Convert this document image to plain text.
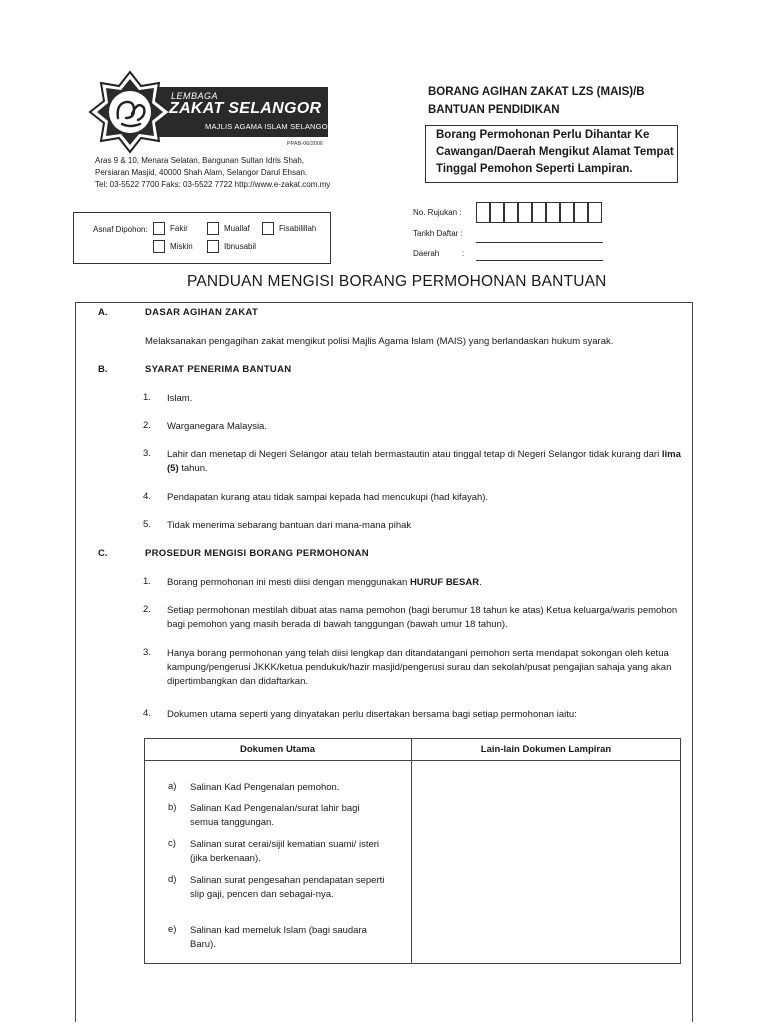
LEMBAGA
ZAKAT SELANGOR
MAJLIS AGAMA ISLAM SELANGOR
PPAB-06/2006
Aras 9 & 10, Menara Selatan, Bangunan Sultan Idris Shah,
Persiaran Masjid, 40000 Shah Alam, Selangor Darul Ehsan.
Tel: 03-5522 7700 Faks: 03-5522 7722 http://www.e-zakat.com.my
BORANG AGIHAN ZAKAT LZS (MAIS)/B
BANTUAN PENDIDIKAN
Borang Permohonan Perlu Dihantar Ke
Cawangan/Daerah Mengikut Alamat Tempat
Tinggal Pemohon Seperti Lampiran.
Asnaf Dipohon:	Fakir	Muallaf	Fisabilillah
Miskin	Ibnusabil
No. Rujukan :
Tarikh Daftar :
Daerah	:
PANDUAN MENGISI BORANG PERMOHONAN BANTUAN
A.	DASAR AGIHAN ZAKAT
Melaksanakan pengagihan zakat mengikut polisi Majlis Agama Islam (MAIS) yang berlandaskan hukum syarak.
B.	SYARAT PENERIMA BANTUAN
1. Islam.
2. Warganegara Malaysia.
3. Lahir dan menetap di Negeri Selangor atau telah bermastautin atau tinggal tetap di Negeri Selangor tidak kurang dari lima (5) tahun.
4. Pendapatan kurang atau tidak sampai kepada had mencukupi (had kifayah).
5. Tidak menerima sebarang bantuan dari mana-mana pihak
C.	PROSEDUR MENGISI BORANG PERMOHONAN
1. Borang permohonan ini mesti diisi dengan menggunakan HURUF BESAR.
2. Setiap permohonan mestilah dibuat atas nama pemohon (bagi berumur 18 tahun ke atas) Ketua keluarga/waris pemohon bagi pemohon yang masih berada di bawah tanggungan (bawah umur 18 tahun).
3. Hanya borang permohonan yang telah diisi lengkap dan ditandatangani pemohon serta mendapat sokongan oleh ketua kampung/pengerusi JKKK/ketua pendukuk/hazir masjid/pengerusi surau dan sekolah/pusat pengajian sahaja yang akan dipertimbangkan dan didaftarkan.
4. Dokumen utama seperti yang dinyatakan perlu disertakan bersama bagi setiap permohonan iaitu:
Dokumen Utama	Lain-lain Dokumen Lampiran
a) Salinan Kad Pengenalan pemohon.
b) Salinan Kad Pengenalan/surat lahir bagi semua tanggungan.
c) Salinan surat cerai/sijil kematian suami/ isteri (jika berkenaan).
d) Salinan surat pengesahan pendapatan seperti slip gaji, pencen dan sebagai-nya.
e) Salinan kad memeluk Islam (bagi saudara Baru).
